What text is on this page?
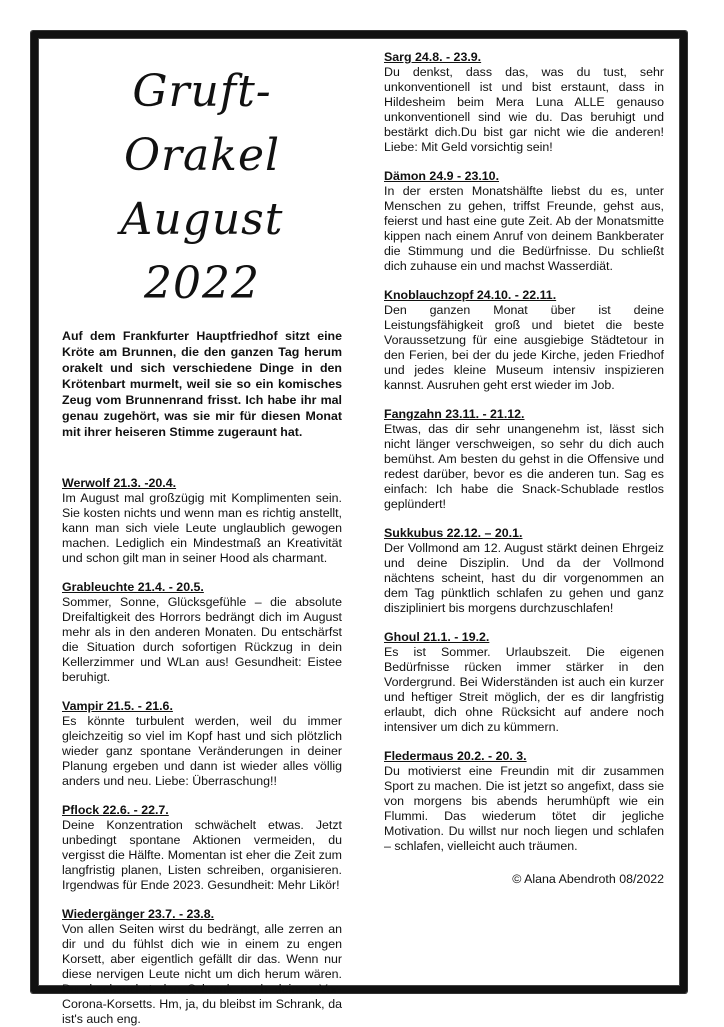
Gruft-Orakel
August 2022

Auf dem Frankfurter Hauptfriedhof sitzt eine Kröte am Brunnen, die den ganzen Tag herum orakelt und sich verschiedene Dinge in den Krötenbart murmelt, weil sie so ein komisches Zeug vom Brunnenrand frisst. Ich habe ihr mal genau zugehört, was sie mir für diesen Monat mit ihrer heiseren Stimme zugeraunt hat.

Werwolf 21.3. -20.4.

Im August mal großzügig mit Komplimenten sein. Sie kosten nichts und wenn man es richtig anstellt, kann man sich viele Leute unglaublich gewogen machen. Lediglich ein Mindestmaß an Kreativität und schon gilt man in seiner Hood als charmant.

Grableuchte 21.4. - 20.5.

Sommer, Sonne, Glücksgefühle – die absolute Dreifaltigkeit des Horrors bedrängt dich im August mehr als in den anderen Monaten. Du entschärfst die Situation durch sofortigen Rückzug in dein Kellerzimmer und WLan aus! Gesundheit: Eistee beruhigt.

Vampir 21.5. - 21.6.

Es könnte turbulent werden, weil du immer gleichzeitig so viel im Kopf hast und sich plötzlich wieder ganz spontane Veränderungen in deiner Planung ergeben und dann ist wieder alles völlig anders und neu. Liebe: Überraschung!!

Pflock 22.6. - 22.7.

Deine Konzentration schwächelt etwas. Jetzt unbedingt spontane Aktionen vermeiden, du vergisst die Hälfte. Momentan ist eher die Zeit zum langfristig planen, Listen schreiben, organisieren. Irgendwas für Ende 2023. Gesundheit: Mehr Likör!

Wiedergänger 23.7. - 23.8.

Von allen Seiten wirst du bedrängt, alle zerren an dir und du fühlst dich wie in einem zu engen Korsett, aber eigentlich gefällt dir das. Wenn nur diese nervigen Leute nicht um dich herum wären. Du durchsuchst den Schrank nach deinen Vor-Corona-Korsetts. Hm, ja, du bleibst im Schrank, da ist's auch eng.

Sarg 24.8. - 23.9.

Du denkst, dass das, was du tust, sehr unkonventionell ist und bist erstaunt, dass in Hildesheim beim Mera Luna ALLE genauso unkonventionell sind wie du. Das beruhigt und bestärkt dich.Du bist gar nicht wie die anderen! Liebe: Mit Geld vorsichtig sein!

Dämon 24.9 - 23.10.

In der ersten Monatshälfte liebst du es, unter Menschen zu gehen, triffst Freunde, gehst aus, feierst und hast eine gute Zeit. Ab der Monatsmitte kippen nach einem Anruf von deinem Bankberater die Stimmung und die Bedürfnisse. Du schließt dich zuhause ein und machst Wasserdiät.

Knoblauchzopf 24.10. - 22.11.

Den ganzen Monat über ist deine Leistungsfähigkeit groß und bietet die beste Voraussetzung für eine ausgiebige Städtetour in den Ferien, bei der du jede Kirche, jeden Friedhof und jedes kleine Museum intensiv inspizieren kannst. Ausruhen geht erst wieder im Job.

Fangzahn 23.11. - 21.12.

Etwas, das dir sehr unangenehm ist, lässt sich nicht länger verschweigen, so sehr du dich auch bemühst. Am besten du gehst in die Offensive und redest darüber, bevor es die anderen tun. Sag es einfach: Ich habe die Snack-Schublade restlos geplündert!

Sukkubus 22.12. – 20.1.

Der Vollmond am 12. August stärkt deinen Ehrgeiz und deine Disziplin. Und da der Vollmond nächtens scheint, hast du dir vorgenommen an dem Tag pünktlich schlafen zu gehen und ganz diszipliniert bis morgens durchzuschlafen!

Ghoul 21.1. - 19.2.

Es ist Sommer. Urlaubszeit. Die eigenen Bedürfnisse rücken immer stärker in den Vordergrund. Bei Widerständen ist auch ein kurzer und heftiger Streit möglich, der es dir langfristig erlaubt, dich ohne Rücksicht auf andere noch intensiver um dich zu kümmern.

Fledermaus 20.2. - 20. 3.

Du motivierst eine Freundin mit dir zusammen Sport zu machen. Die ist jetzt so angefixt, dass sie von morgens bis abends herumhüpft wie ein Flummi. Das wiederum tötet dir jegliche Motivation. Du willst nur noch liegen und schlafen – schlafen, vielleicht auch träumen.

© Alana Abendroth 08/2022
